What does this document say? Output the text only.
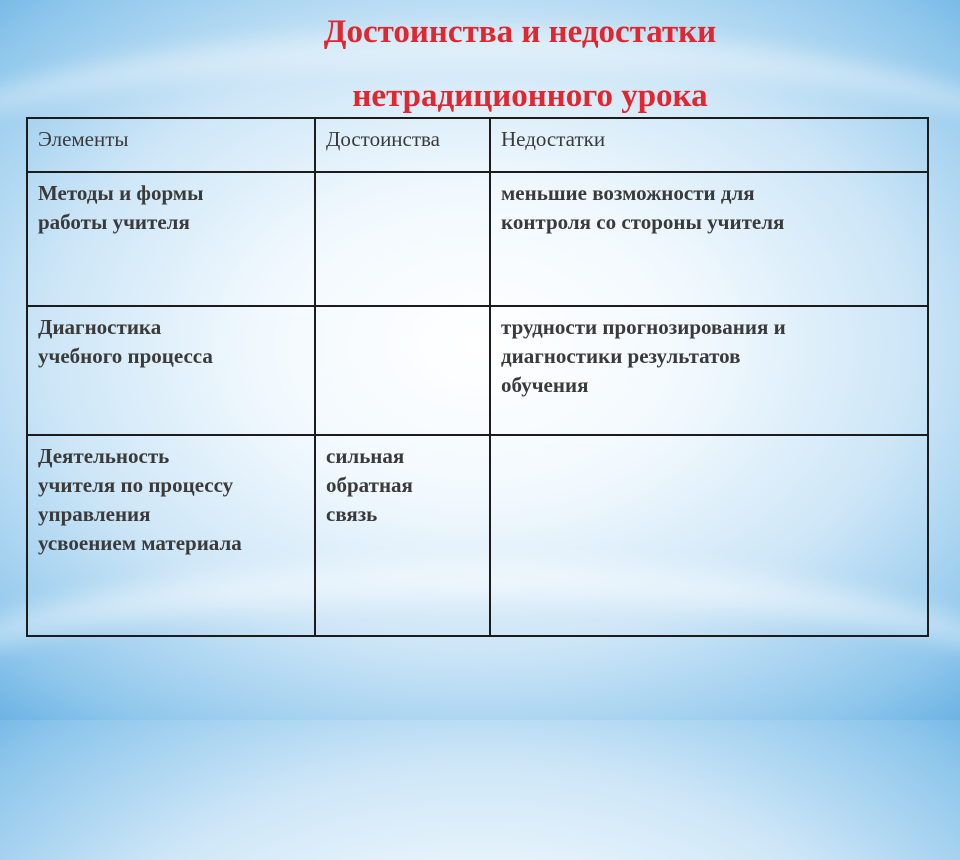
Достоинства и недостатки
нетрадиционного урока
Элементы	Достоинства	Недостатки

Методы и формы
работы учителя		меньшие возможности для
контроля со стороны учителя

Диагностика
учебного процесса		трудности прогнозирования и
диагностики результатов
обучения

Деятельность
учителя по процессу
управления
усвоением материала	сильная
обратная
связь	
